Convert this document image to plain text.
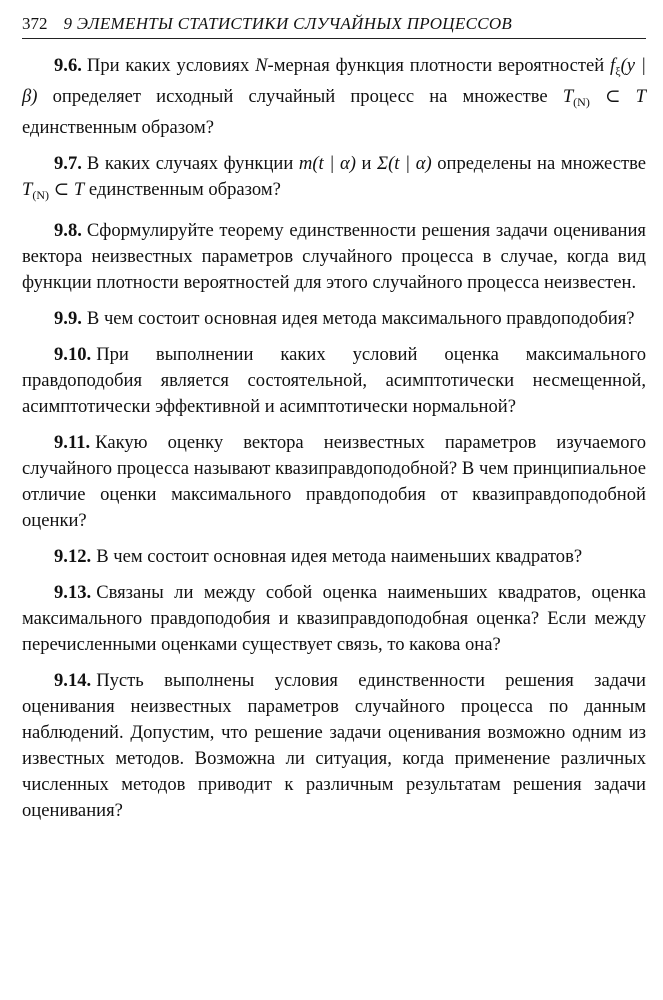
372 9 ЭЛЕМЕНТЫ СТАТИСТИКИ СЛУЧАЙНЫХ ПРОЦЕССОВ

9.6. При каких условиях N-мерная функция плотности вероятностей $f_\xi(y$ | β) определяет исходный случайный процесс на множестве $T_{(N)}$ ⊂ T единственным образом?

9.7. В каких случаях функции m(t | α) и Σ(t | α) определены на множестве $T_{(N)}$ ⊂ T единственным образом?

9.8. Сформулируйте теорему единственности решения задачи оценивания вектора неизвестных параметров случайного процесса в случае, когда вид функции плотности вероятностей для этого случайного процесса неизвестен.

9.9. В чем состоит основная идея метода максимального правдоподобия?

9.10. При выполнении каких условий оценка максимального правдоподобия является состоятельной, асимптотически несмещенной, асимптотически эффективной и асимптотически нормальной?

9.11. Какую оценку вектора неизвестных параметров изучаемого случайного процесса называют квазиправдоподобной? В чем принципиальное отличие оценки максимального правдоподобия от квазиправдоподобной оценки?

9.12. В чем состоит основная идея метода наименьших квадратов?

9.13. Связаны ли между собой оценка наименьших квадратов, оценка максимального правдоподобия и квазиправдоподобная оценка? Если между перечисленными оценками существует связь, то какова она?

9.14. Пусть выполнены условия единственности решения задачи оценивания неизвестных параметров случайного процесса по данным наблюдений. Допустим, что решение задачи оценивания возможно одним из известных методов. Возможна ли ситуация, когда применение различных численных методов приводит к различным результатам решения задачи оценивания?
